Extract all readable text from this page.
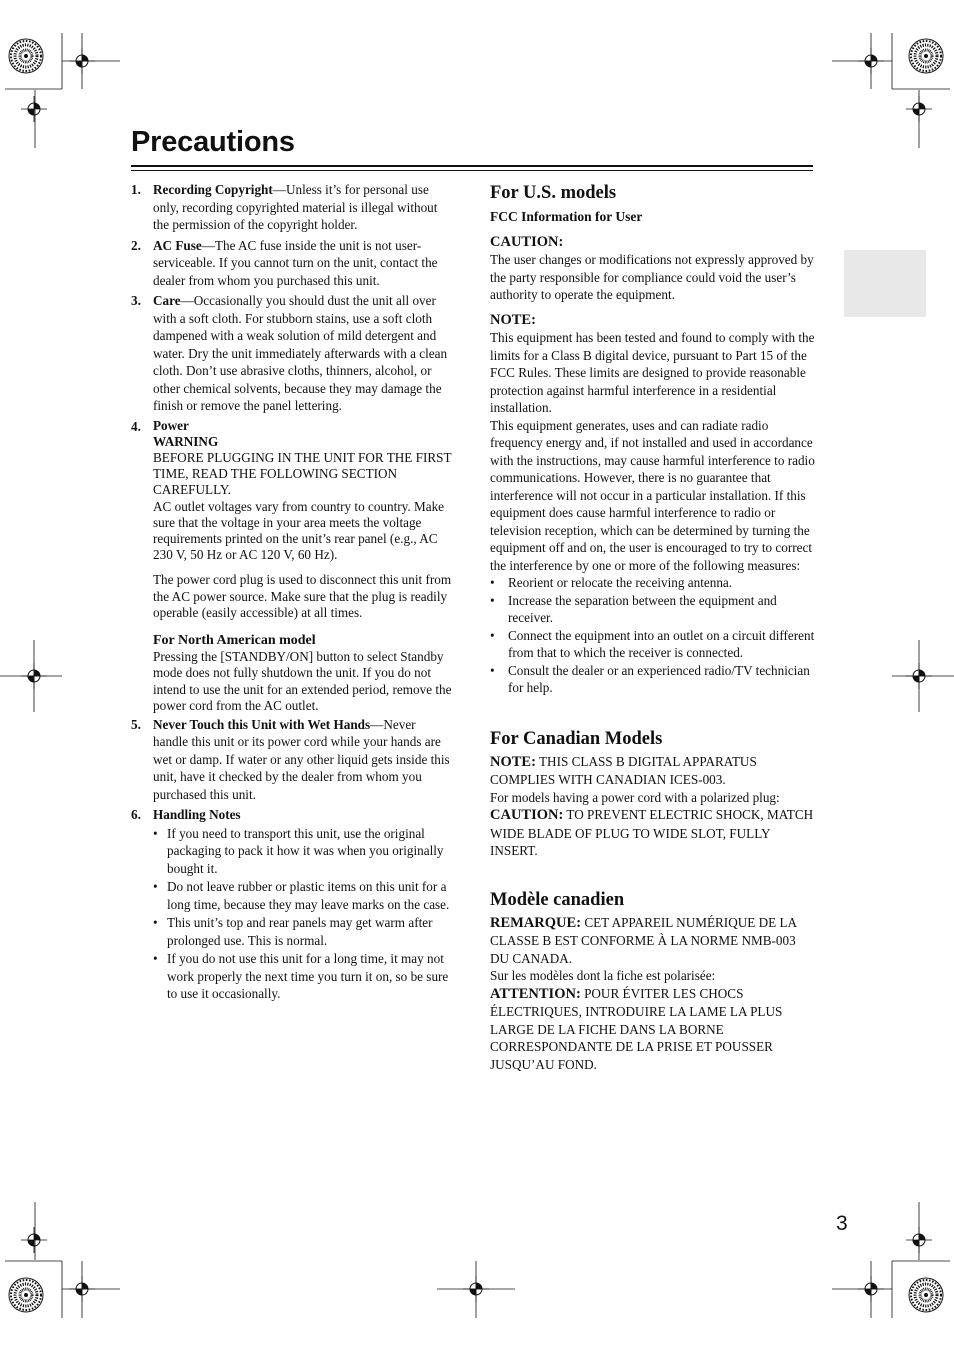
Precautions
1. Recording Copyright—Unless it’s for personal use only, recording copyrighted material is illegal without the permission of the copyright holder.
2. AC Fuse—The AC fuse inside the unit is not user-serviceable. If you cannot turn on the unit, contact the dealer from whom you purchased this unit.
3. Care—Occasionally you should dust the unit all over with a soft cloth. For stubborn stains, use a soft cloth dampened with a weak solution of mild detergent and water. Dry the unit immediately afterwards with a clean cloth. Don’t use abrasive cloths, thinners, alcohol, or other chemical solvents, because they may damage the finish or remove the panel lettering.
4. Power
WARNING
BEFORE PLUGGING IN THE UNIT FOR THE FIRST TIME, READ THE FOLLOWING SECTION CAREFULLY.
AC outlet voltages vary from country to country. Make sure that the voltage in your area meets the voltage requirements printed on the unit’s rear panel (e.g., AC 230 V, 50 Hz or AC 120 V, 60 Hz).
The power cord plug is used to disconnect this unit from the AC power source. Make sure that the plug is readily operable (easily accessible) at all times.
For North American model
Pressing the [STANDBY/ON] button to select Standby mode does not fully shutdown the unit. If you do not intend to use the unit for an extended period, remove the power cord from the AC outlet.
5. Never Touch this Unit with Wet Hands—Never handle this unit or its power cord while your hands are wet or damp. If water or any other liquid gets inside this unit, have it checked by the dealer from whom you purchased this unit.
6. Handling Notes
• If you need to transport this unit, use the original packaging to pack it how it was when you originally bought it.
• Do not leave rubber or plastic items on this unit for a long time, because they may leave marks on the case.
• This unit’s top and rear panels may get warm after prolonged use. This is normal.
• If you do not use this unit for a long time, it may not work properly the next time you turn it on, so be sure to use it occasionally.
For U.S. models
FCC Information for User
CAUTION:
The user changes or modifications not expressly approved by the party responsible for compliance could void the user’s authority to operate the equipment.
NOTE:
This equipment has been tested and found to comply with the limits for a Class B digital device, pursuant to Part 15 of the FCC Rules. These limits are designed to provide reasonable protection against harmful interference in a residential installation.
This equipment generates, uses and can radiate radio frequency energy and, if not installed and used in accordance with the instructions, may cause harmful interference to radio communications. However, there is no guarantee that interference will not occur in a particular installation. If this equipment does cause harmful interference to radio or television reception, which can be determined by turning the equipment off and on, the user is encouraged to try to correct the interference by one or more of the following measures:
•	Reorient or relocate the receiving antenna.
•	Increase the separation between the equipment and receiver.
•	Connect the equipment into an outlet on a circuit different from that to which the receiver is connected.
•	Consult the dealer or an experienced radio/TV technician for help.
For Canadian Models
NOTE: THIS CLASS B DIGITAL APPARATUS COMPLIES WITH CANADIAN ICES-003.
For models having a power cord with a polarized plug:
CAUTION: TO PREVENT ELECTRIC SHOCK, MATCH WIDE BLADE OF PLUG TO WIDE SLOT, FULLY INSERT.
Modèle canadien
REMARQUE: CET APPAREIL NUMÉRIQUE DE LA CLASSE B EST CONFORME À LA NORME NMB-003 DU CANADA.
Sur les modèles dont la fiche est polarisée:
ATTENTION: POUR ÉVITER LES CHOCS ÉLECTRIQUES, INTRODUIRE LA LAME LA PLUS LARGE DE LA FICHE DANS LA BORNE CORRESPONDANTE DE LA PRISE ET POUSSER JUSQU’AU FOND.
3
